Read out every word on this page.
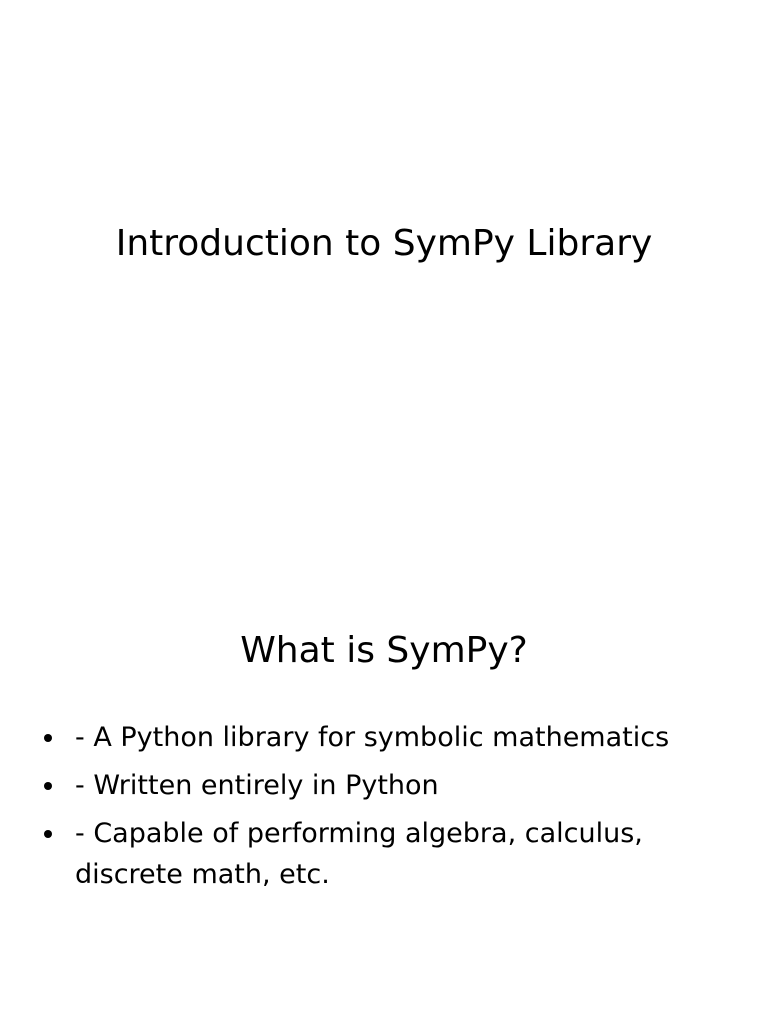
Introduction to SymPy Library
What is SymPy?
- A Python library for symbolic mathematics
- Written entirely in Python
- Capable of performing algebra, calculus, discrete math, etc.
